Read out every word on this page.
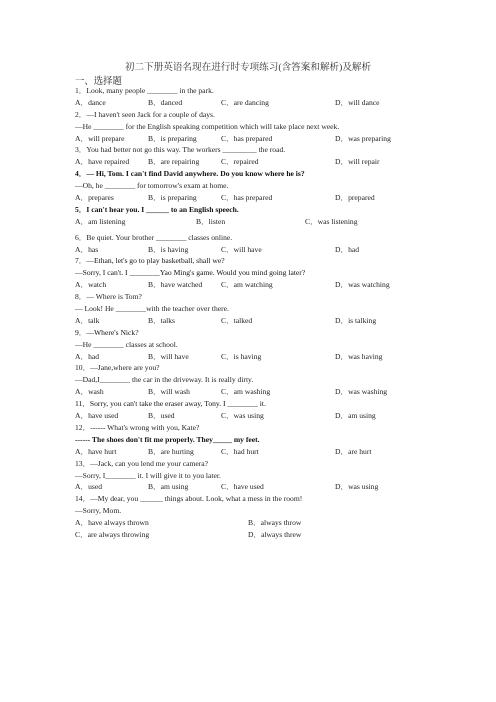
初二下册英语名现在进行时专项练习(含答案和解析)及解析
一、选择题
1．Look, many people ________ in the park.
A．dance	B．danced	C．are dancing	D．will dance
2．—I haven't seen Jack for a couple of days.
—He ________ for the English speaking competition which will take place next week.
A．will prepare	B．is preparing	C．has prepared	D．was preparing
3．You had better not go this way. The workers _________ the road.
A．have repaired B．are repairing	C．repaired	D．will repair
4．— Hi, Tom. I can't find David anywhere. Do you know where he is?
—Oh, he ________ for tomorrow's exam at home.
A．prepares	B．is preparing	C．has prepared	D．prepared
5．I can't hear you. I ______ to an English speech.
A．am listening	B．listen	C．was listening
6．Be quiet. Your brother ________ classes online.
A．has	B．is having	C．will have	D．had
7．—Ethan, let's go to play basketball, shall we?
—Sorry, I can't. I ________Yao Ming's game. Would you mind going later?
A．watch	B．have watched C．am watching	D．was watching
8．— Where is Tom?
— Look! He ________with the teacher over there.
A．talk	B．talks	C．talked	D．is talking
9．—Where's Nick?
—He ________ classes at school.
A．had	B．will have	C．is having	D．was having
10．—Jane,where are you?
—Dad,I________ the car in the driveway. It is really dirty.
A．wash	B．will wash	C．am washing	D．was washing
11．Sorry, you can't take the eraser away, Tony. I ________ it.
A．have used	B．used	C．was using	D．am using
12．------ What's wrong with you, Kate?
------ The shoes don't fit me properly. They_____ my feet.
A．have hurt	B．are hurting	C．had hurt	D．are hurt
13．—Jack, can you lend me your camera?
—Sorry, I________ it. I will give it to you later.
A．used	B．am using	C．have used	D．was using
14．—My dear, you ______ things about. Look, what a mess in the room!
—Sorry, Mom.
A．have always thrown	B．always throw
C．are always throwing	D．always threw
